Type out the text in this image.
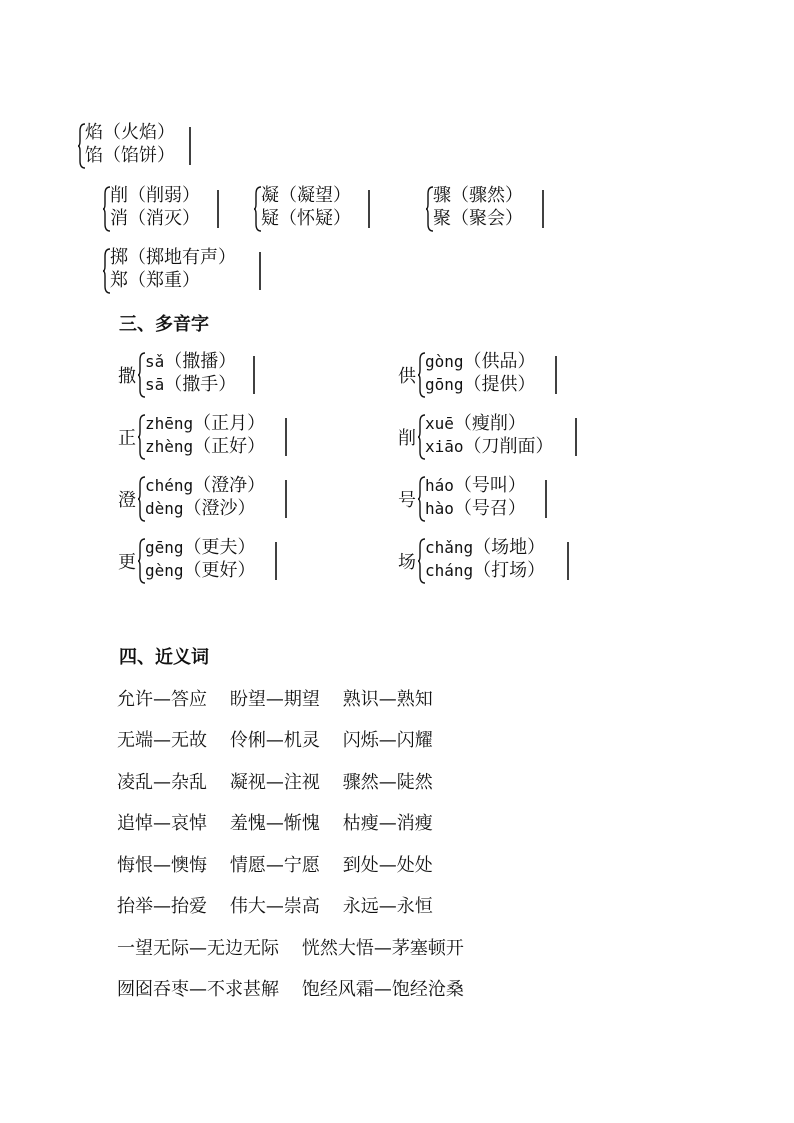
焰（火焰）
馅（馅饼）
削（削弱）
消（消灭）
凝（凝望）
疑（怀疑）
骤（骤然）
聚（聚会）
掷（掷地有声）
郑（郑重）
三、多音字
撒
sǎ（撒播）
sā（撒手）
正
zhēng（正月）
zhèng（正好）
澄
chéng（澄净）
dèng（澄沙）
更
gēng（更夫）
gèng（更好）
供
gòng（供品）
gōng（提供）
削
xuē（瘦削）
xiāo（刀削面）
号
háo（号叫）
hào（号召）
场
chǎng（场地）
cháng（打场）
四、近义词
允许—答应    盼望—期望    熟识—熟知
无端—无故    伶俐—机灵    闪烁—闪耀
凌乱—杂乱    凝视—注视    骤然—陡然
追悼—哀悼    羞愧—惭愧    枯瘦—消瘦
悔恨—懊悔    情愿—宁愿    到处—处处
抬举—抬爱    伟大—崇高    永远—永恒
一望无际—无边无际    恍然大悟—茅塞顿开
囫囵吞枣—不求甚解    饱经风霜—饱经沧桑
